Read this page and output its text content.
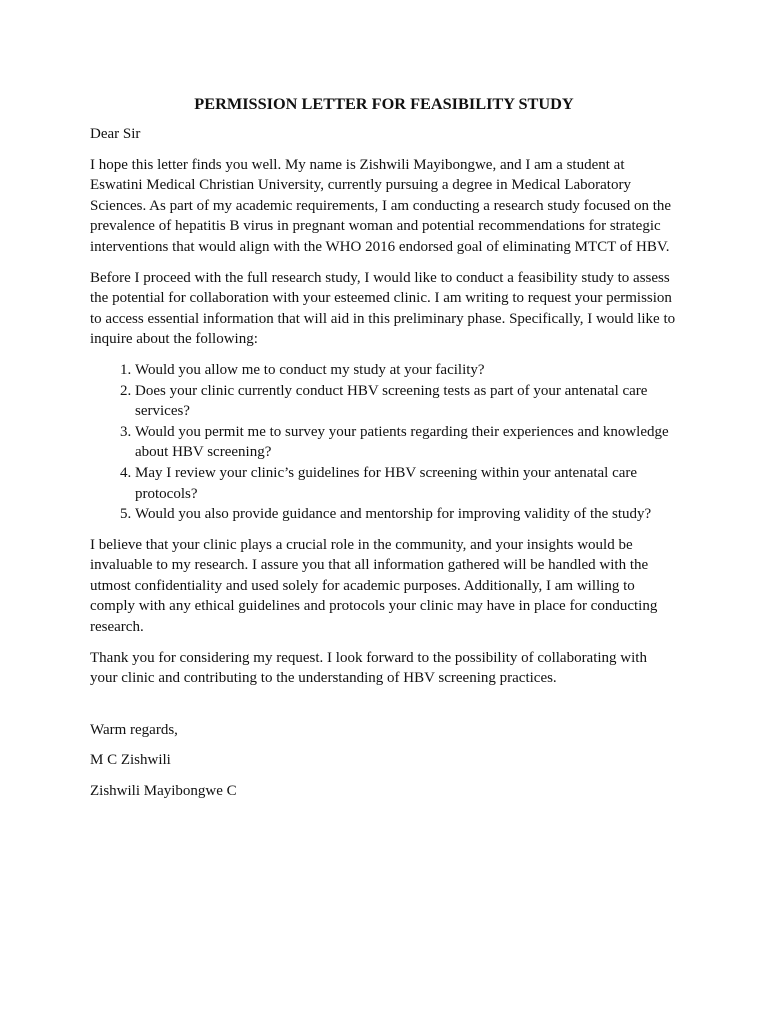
PERMISSION LETTER FOR FEASIBILITY STUDY

Dear Sir

I hope this letter finds you well. My name is Zishwili Mayibongwe, and I am a student at Eswatini Medical Christian University, currently pursuing a degree in Medical Laboratory Sciences. As part of my academic requirements, I am conducting a research study focused on the prevalence of hepatitis B virus in pregnant woman and potential recommendations for strategic interventions that would align with the WHO 2016 endorsed goal of eliminating MTCT of HBV.

Before I proceed with the full research study, I would like to conduct a feasibility study to assess the potential for collaboration with your esteemed clinic. I am writing to request your permission to access essential information that will aid in this preliminary phase. Specifically, I would like to inquire about the following:

1. Would you allow me to conduct my study at your facility?
2. Does your clinic currently conduct HBV screening tests as part of your antenatal care services?
3. Would you permit me to survey your patients regarding their experiences and knowledge about HBV screening?
4. May I review your clinic’s guidelines for HBV screening within your antenatal care protocols?
5. Would you also provide guidance and mentorship for improving validity of the study?

I believe that your clinic plays a crucial role in the community, and your insights would be invaluable to my research. I assure you that all information gathered will be handled with the utmost confidentiality and used solely for academic purposes. Additionally, I am willing to comply with any ethical guidelines and protocols your clinic may have in place for conducting research.

Thank you for considering my request. I look forward to the possibility of collaborating with your clinic and contributing to the understanding of HBV screening practices.

Warm regards,

M C Zishwili

Zishwili Mayibongwe C
